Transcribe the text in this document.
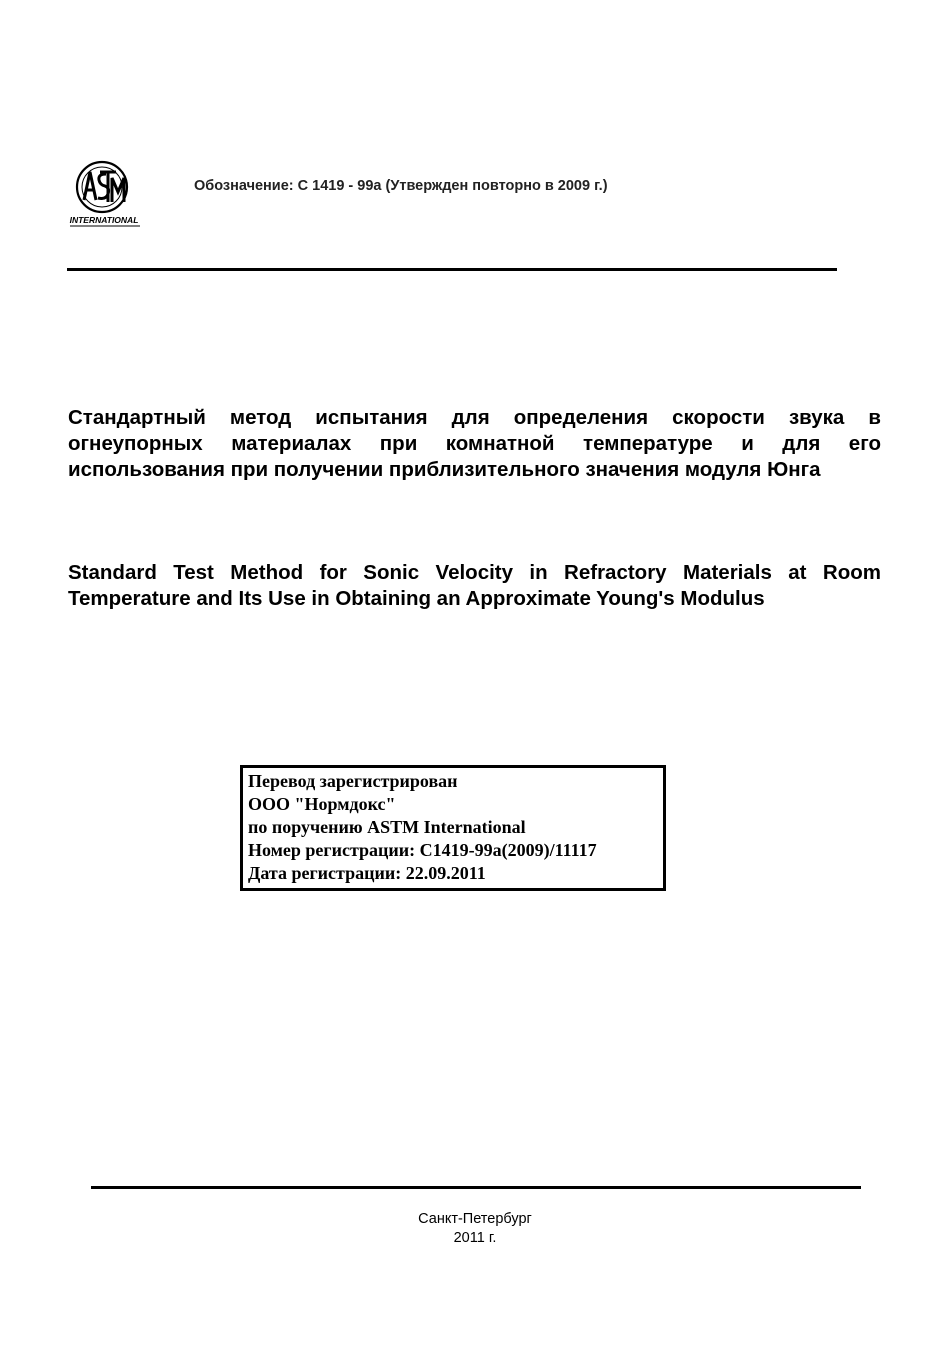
INTERNATIONAL
Обозначение: C 1419 - 99a (Утвержден повторно в 2009 г.)

Стандартный метод испытания для определения скорости звука в огнеупорных материалах при комнатной температуре и для его использования при получении приблизительного значения модуля Юнга

Standard Test Method for Sonic Velocity in Refractory Materials at Room Temperature and Its Use in Obtaining an Approximate Young's Modulus

Перевод зарегистрирован
ООО "Нормдокс"
по поручению ASTM International
Номер регистрации: C1419-99a(2009)/11117
Дата регистрации: 22.09.2011
Санкт-Петербург
2011 г.
